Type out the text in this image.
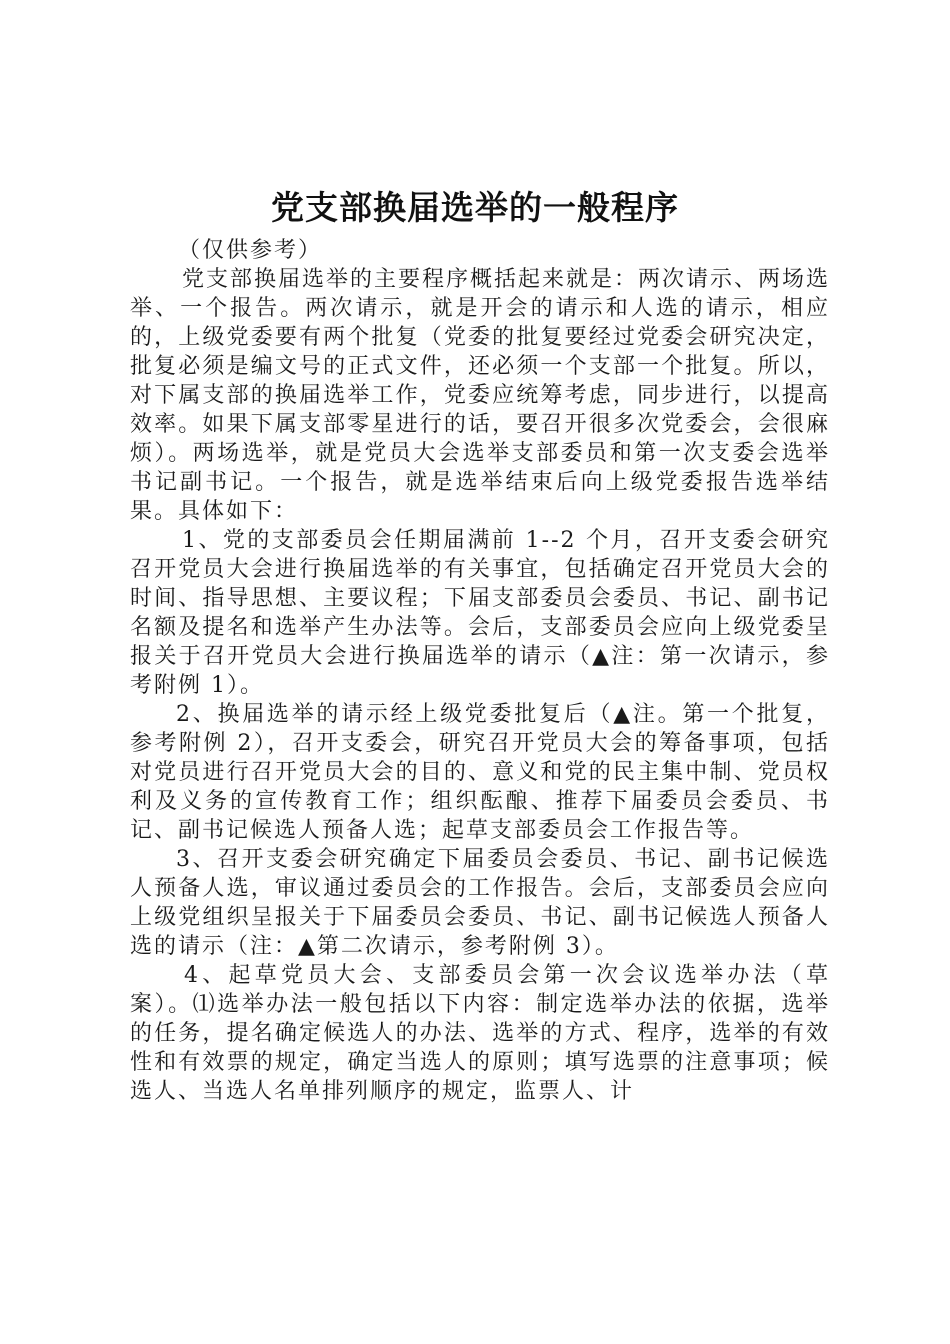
党支部换届选举的一般程序

（仅供参考）

党支部换届选举的主要程序概括起来就是：两次请示、两场选举、一个报告。两次请示，就是开会的请示和人选的请示，相应的，上级党委要有两个批复（党委的批复要经过党委会研究决定，批复必须是编文号的正式文件，还必须一个支部一个批复。所以，对下属支部的换届选举工作，党委应统筹考虑，同步进行，以提高效率。如果下属支部零星进行的话，要召开很多次党委会，会很麻烦）。两场选举，就是党员大会选举支部委员和第一次支委会选举书记副书记。一个报告，就是选举结束后向上级党委报告选举结果。具体如下：

1、党的支部委员会任期届满前 1--2 个月，召开支委会研究召开党员大会进行换届选举的有关事宜，包括确定召开党员大会的时间、指导思想、主要议程；下届支部委员会委员、书记、副书记名额及提名和选举产生办法等。会后，支部委员会应向上级党委呈报关于召开党员大会进行换届选举的请示（▲注：第一次请示，参考附例 1）。

2、换届选举的请示经上级党委批复后（▲注。第一个批复，参考附例 2），召开支委会，研究召开党员大会的筹备事项，包括对党员进行召开党员大会的目的、意义和党的民主集中制、党员权利及义务的宣传教育工作；组织酝酿、推荐下届委员会委员、书记、副书记候选人预备人选；起草支部委员会工作报告等。

3、召开支委会研究确定下届委员会委员、书记、副书记候选人预备人选，审议通过委员会的工作报告。会后，支部委员会应向上级党组织呈报关于下届委员会委员、书记、副书记候选人预备人选的请示（注：▲第二次请示，参考附例 3）。

4、起草党员大会、支部委员会第一次会议选举办法（草案）。⑴选举办法一般包括以下内容：制定选举办法的依据，选举的任务，提名确定候选人的办法、选举的方式、程序，选举的有效性和有效票的规定，确定当选人的原则；填写选票的注意事项；候选人、当选人名单排列顺序的规定，监票人、计
